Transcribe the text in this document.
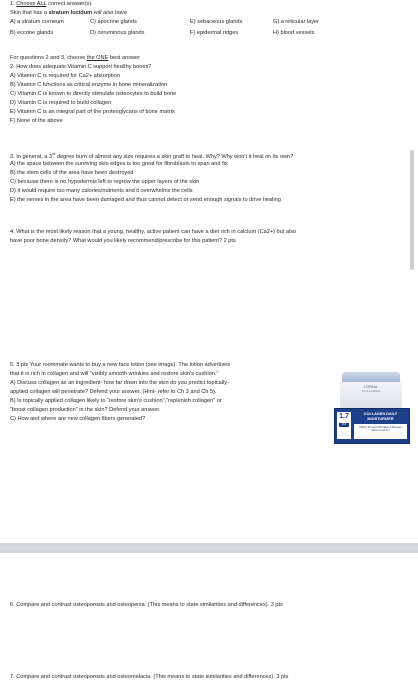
1. Choose ALL correct answer(s).
Skin that has a stratum lucidum will also have
A) a stratum corneum
B) eccrine glands
C) apocrine glands
D) ceruminous glands
E) sebaceous glands
F) epidermal ridges
G) a reticular layer
H) blood vessels
For questions 2 and 3, choose the ONE best answer
2. How does adequate Vitamin C support healthy bones?
A) Vitamin C is required for Ca2+ absorption
B) Vitamin C functions as critical enzyme in bone mineralization
C) Vitamin C is known to directly stimulate osteocytes to build bone
D) Vitamin C is required to build collagen
E) Vitamin C is an integral part of the proteoglycans of bone matrix
F) None of the above
3. In general, a 3rd degree burn of almost any size requires a skin graft to heal. Why? Why won't it heal on its own?
A) the space between the surviving skin edges is too great for fibroblasts to span and fix
B) the stem cells of the area have been destroyed
C) because there is no hypodermis left to regrow the upper layers of the skin
D) it would require too many calories/nutrients and it overwhelms the cells
E) the nerves in the area have been damaged and thus cannot detect or send enough signals to drive healing
4. What is the most likely reason that a young, healthy, active patient can have a diet rich in calcium (Ca2+) but also
have poor bone density? What would you likely recommend/prescribe for this patient? 2 pts
5. 3 pts Your roommate wants to buy a new face lotion (see image). The lotion advertises
that it is rich in collagen and will "visibly smooth wrinkles and restore skin's cushion."
A) Discuss collagen as an ingredient- how far down into the skin do you predict topically-
applied collagen will penetrate? Defend your answer. (Hint- refer to Ch 3 and Ch 5).
B) Is topically applied collagen likely to "restore skin's cushion","replenish collagen" or
"boost collagen production" in the skin? Defend your answer.
C) How and where are new collagen fibers generated?
L'OREAL
COLLAGEN
1.7
OZ
COLLAGEN DAILY MOISTURIZER
Visibly Smooth Wrinkles & Restore Skin's Cushion
6. Compare and contrast osteoporosis and osteopenia. (This means to state similarities and differences). 3 pts
7. Compare and contrast osteoporosis and osteomalacia. (This means to state similarities and differences). 3 pts
